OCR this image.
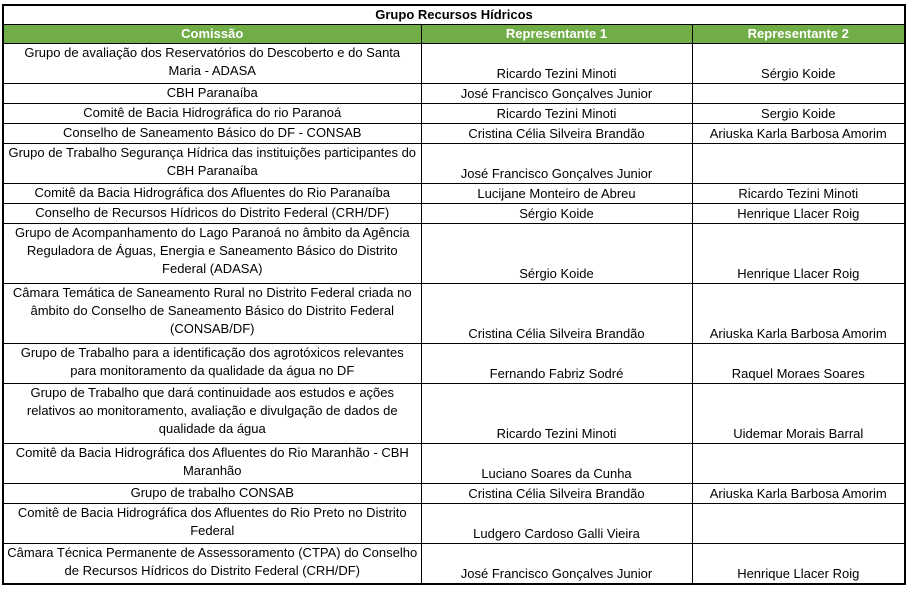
Grupo Recursos Hídricos		
Comissão	Representante 1	Representante 2
Grupo de avaliação dos Reservatórios do Descoberto e do Santa Maria - ADASA	Ricardo Tezini Minoti	Sérgio Koide
CBH Paranaíba	José Francisco Gonçalves Junior	
Comitê de Bacia Hidrográfica do rio Paranoá	Ricardo Tezini Minoti	Sergio Koide
Conselho de Saneamento Básico do DF - CONSAB	Cristina Célia Silveira Brandão	Ariuska Karla Barbosa Amorim
Grupo de Trabalho Segurança Hídrica das instituições participantes do CBH Paranaíba	José Francisco Gonçalves Junior	
Comitê da Bacia Hidrográfica dos Afluentes do Rio Paranaíba	Lucijane Monteiro de Abreu	Ricardo Tezini Minoti
Conselho de Recursos Hídricos do Distrito Federal (CRH/DF)	Sérgio Koide	Henrique Llacer Roig
Grupo de Acompanhamento do Lago Paranoá no âmbito da Agência Reguladora de Águas, Energia e Saneamento Básico do Distrito Federal (ADASA)	Sérgio Koide	Henrique Llacer Roig
Câmara Temática de Saneamento Rural no Distrito Federal criada no âmbito do Conselho de Saneamento Básico do Distrito Federal (CONSAB/DF)	Cristina Célia Silveira Brandão	Ariuska Karla Barbosa Amorim
Grupo de Trabalho para a identificação dos agrotóxicos relevantes para monitoramento da qualidade da água no DF	Fernando Fabriz Sodré	Raquel Moraes Soares
Grupo de Trabalho que dará continuidade aos estudos e ações relativos ao monitoramento, avaliação e divulgação de dados de qualidade da água	Ricardo Tezini Minoti	Uidemar Morais Barral
Comitê da Bacia Hidrográfica dos Afluentes do Rio Maranhão - CBH Maranhão	Luciano Soares da Cunha	
Grupo de trabalho CONSAB	Cristina Célia Silveira Brandão	Ariuska Karla Barbosa Amorim
Comitê de Bacia Hidrográfica dos Afluentes do Rio Preto no Distrito Federal	Ludgero Cardoso Galli Vieira	
Câmara Técnica Permanente de Assessoramento (CTPA) do Conselho de Recursos Hídricos do Distrito Federal (CRH/DF)	José Francisco Gonçalves Junior	Henrique Llacer Roig
